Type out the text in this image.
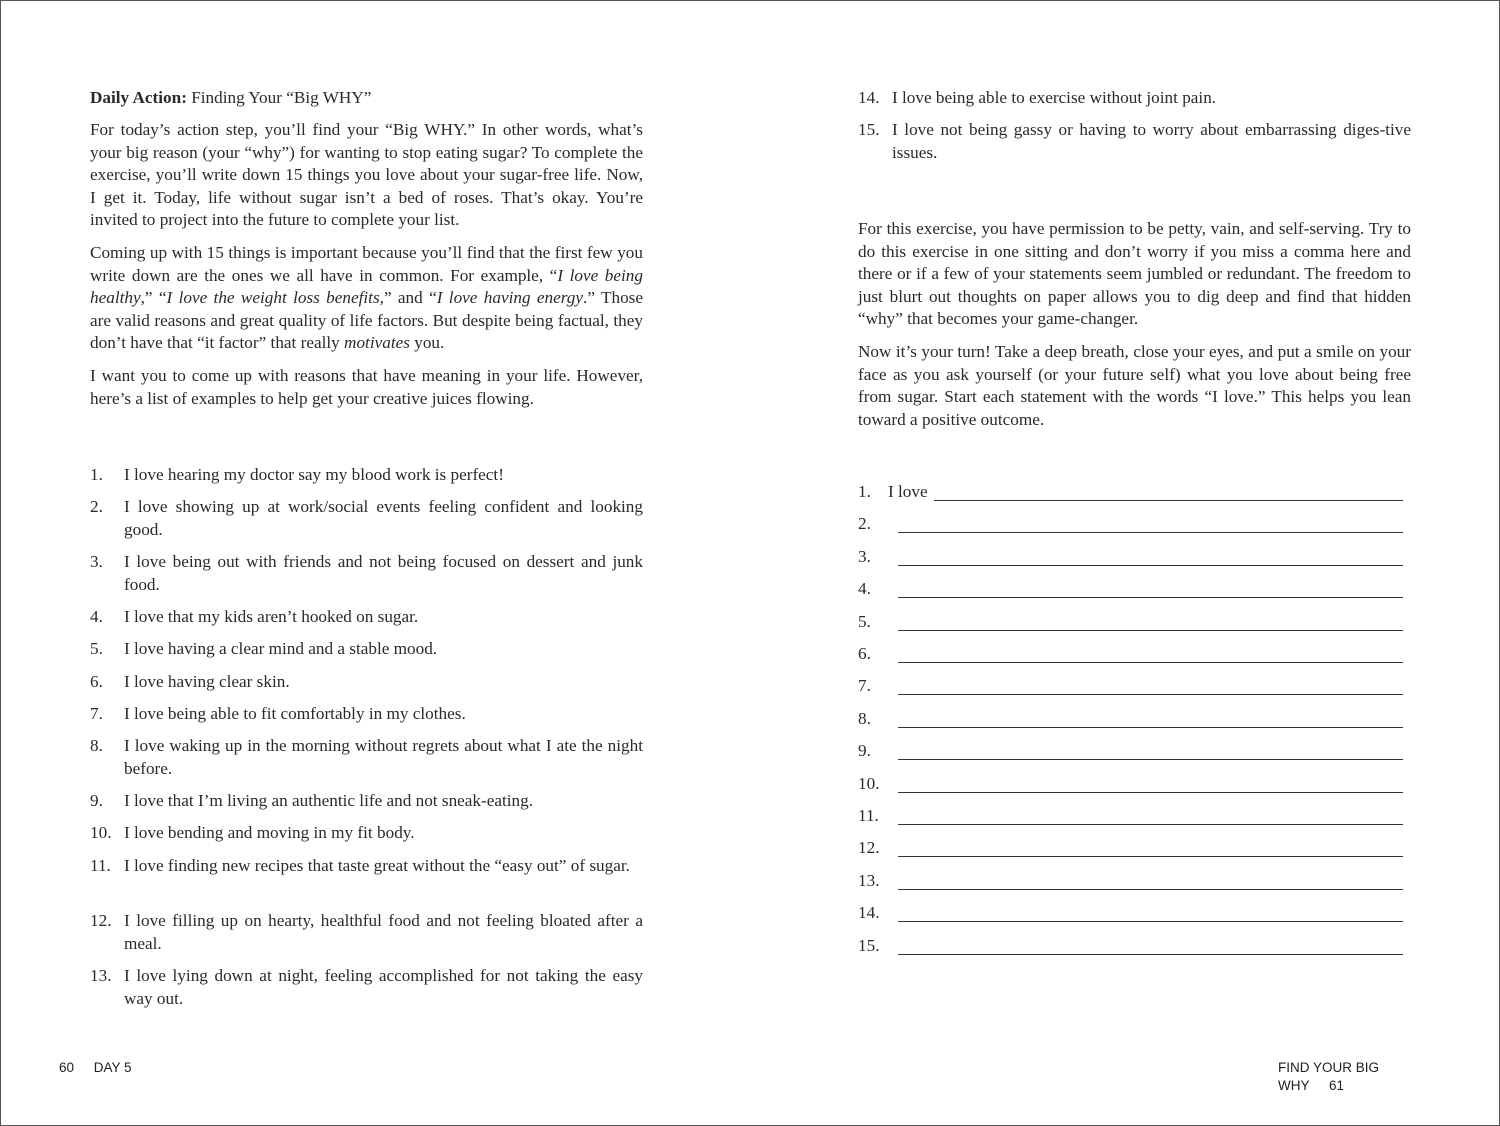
Daily Action: Finding Your “Big WHY”

For today’s action step, you’ll find your “Big WHY.” In other words, what’s your big reason (your “why”) for wanting to stop eating sugar? To complete the exercise, you’ll write down 15 things you love about your sugar-free life. Now, I get it. Today, life without sugar isn’t a bed of roses. That’s okay. You’re invited to project into the future to complete your list.

Coming up with 15 things is important because you’ll find that the first few you write down are the ones we all have in common. For example, “I love being healthy,” “I love the weight loss benefits,” and “I love having energy.” Those are valid reasons and great quality of life factors. But despite being factual, they don’t have that “it factor” that really motivates you.

I want you to come up with reasons that have meaning in your life. However, here’s a list of examples to help get your creative juices flowing.

1. I love hearing my doctor say my blood work is perfect!
2. I love showing up at work/social events feeling confident and looking good.
3. I love being out with friends and not being focused on dessert and junk food.
4. I love that my kids aren’t hooked on sugar.
5. I love having a clear mind and a stable mood.
6. I love having clear skin.
7. I love being able to fit comfortably in my clothes.
8. I love waking up in the morning without regrets about what I ate the night before.
9. I love that I’m living an authentic life and not sneak-eating.
10. I love bending and moving in my fit body.
11. I love finding new recipes that taste great without the “easy out” of sugar.
12. I love filling up on hearty, healthful food and not feeling bloated after a meal.
13. I love lying down at night, feeling accomplished for not taking the easy way out.
60 DAY 5
14. I love being able to exercise without joint pain.
15. I love not being gassy or having to worry about embarrassing diges-tive issues.

For this exercise, you have permission to be petty, vain, and self-serving. Try to do this exercise in one sitting and don’t worry if you miss a comma here and there or if a few of your statements seem jumbled or redundant. The freedom to just blurt out thoughts on paper allows you to dig deep and find that hidden “why” that becomes your game-changer.

Now it’s your turn! Take a deep breath, close your eyes, and put a smile on your face as you ask yourself (or your future self) what you love about being free from sugar. Start each statement with the words “I love.” This helps you lean toward a positive outcome.

1. I love
2.
3.
4.
5.
6.
7.
8.
9.
10.
11.
12.
13.
14.
15.
FIND YOUR BIG WHY 61
